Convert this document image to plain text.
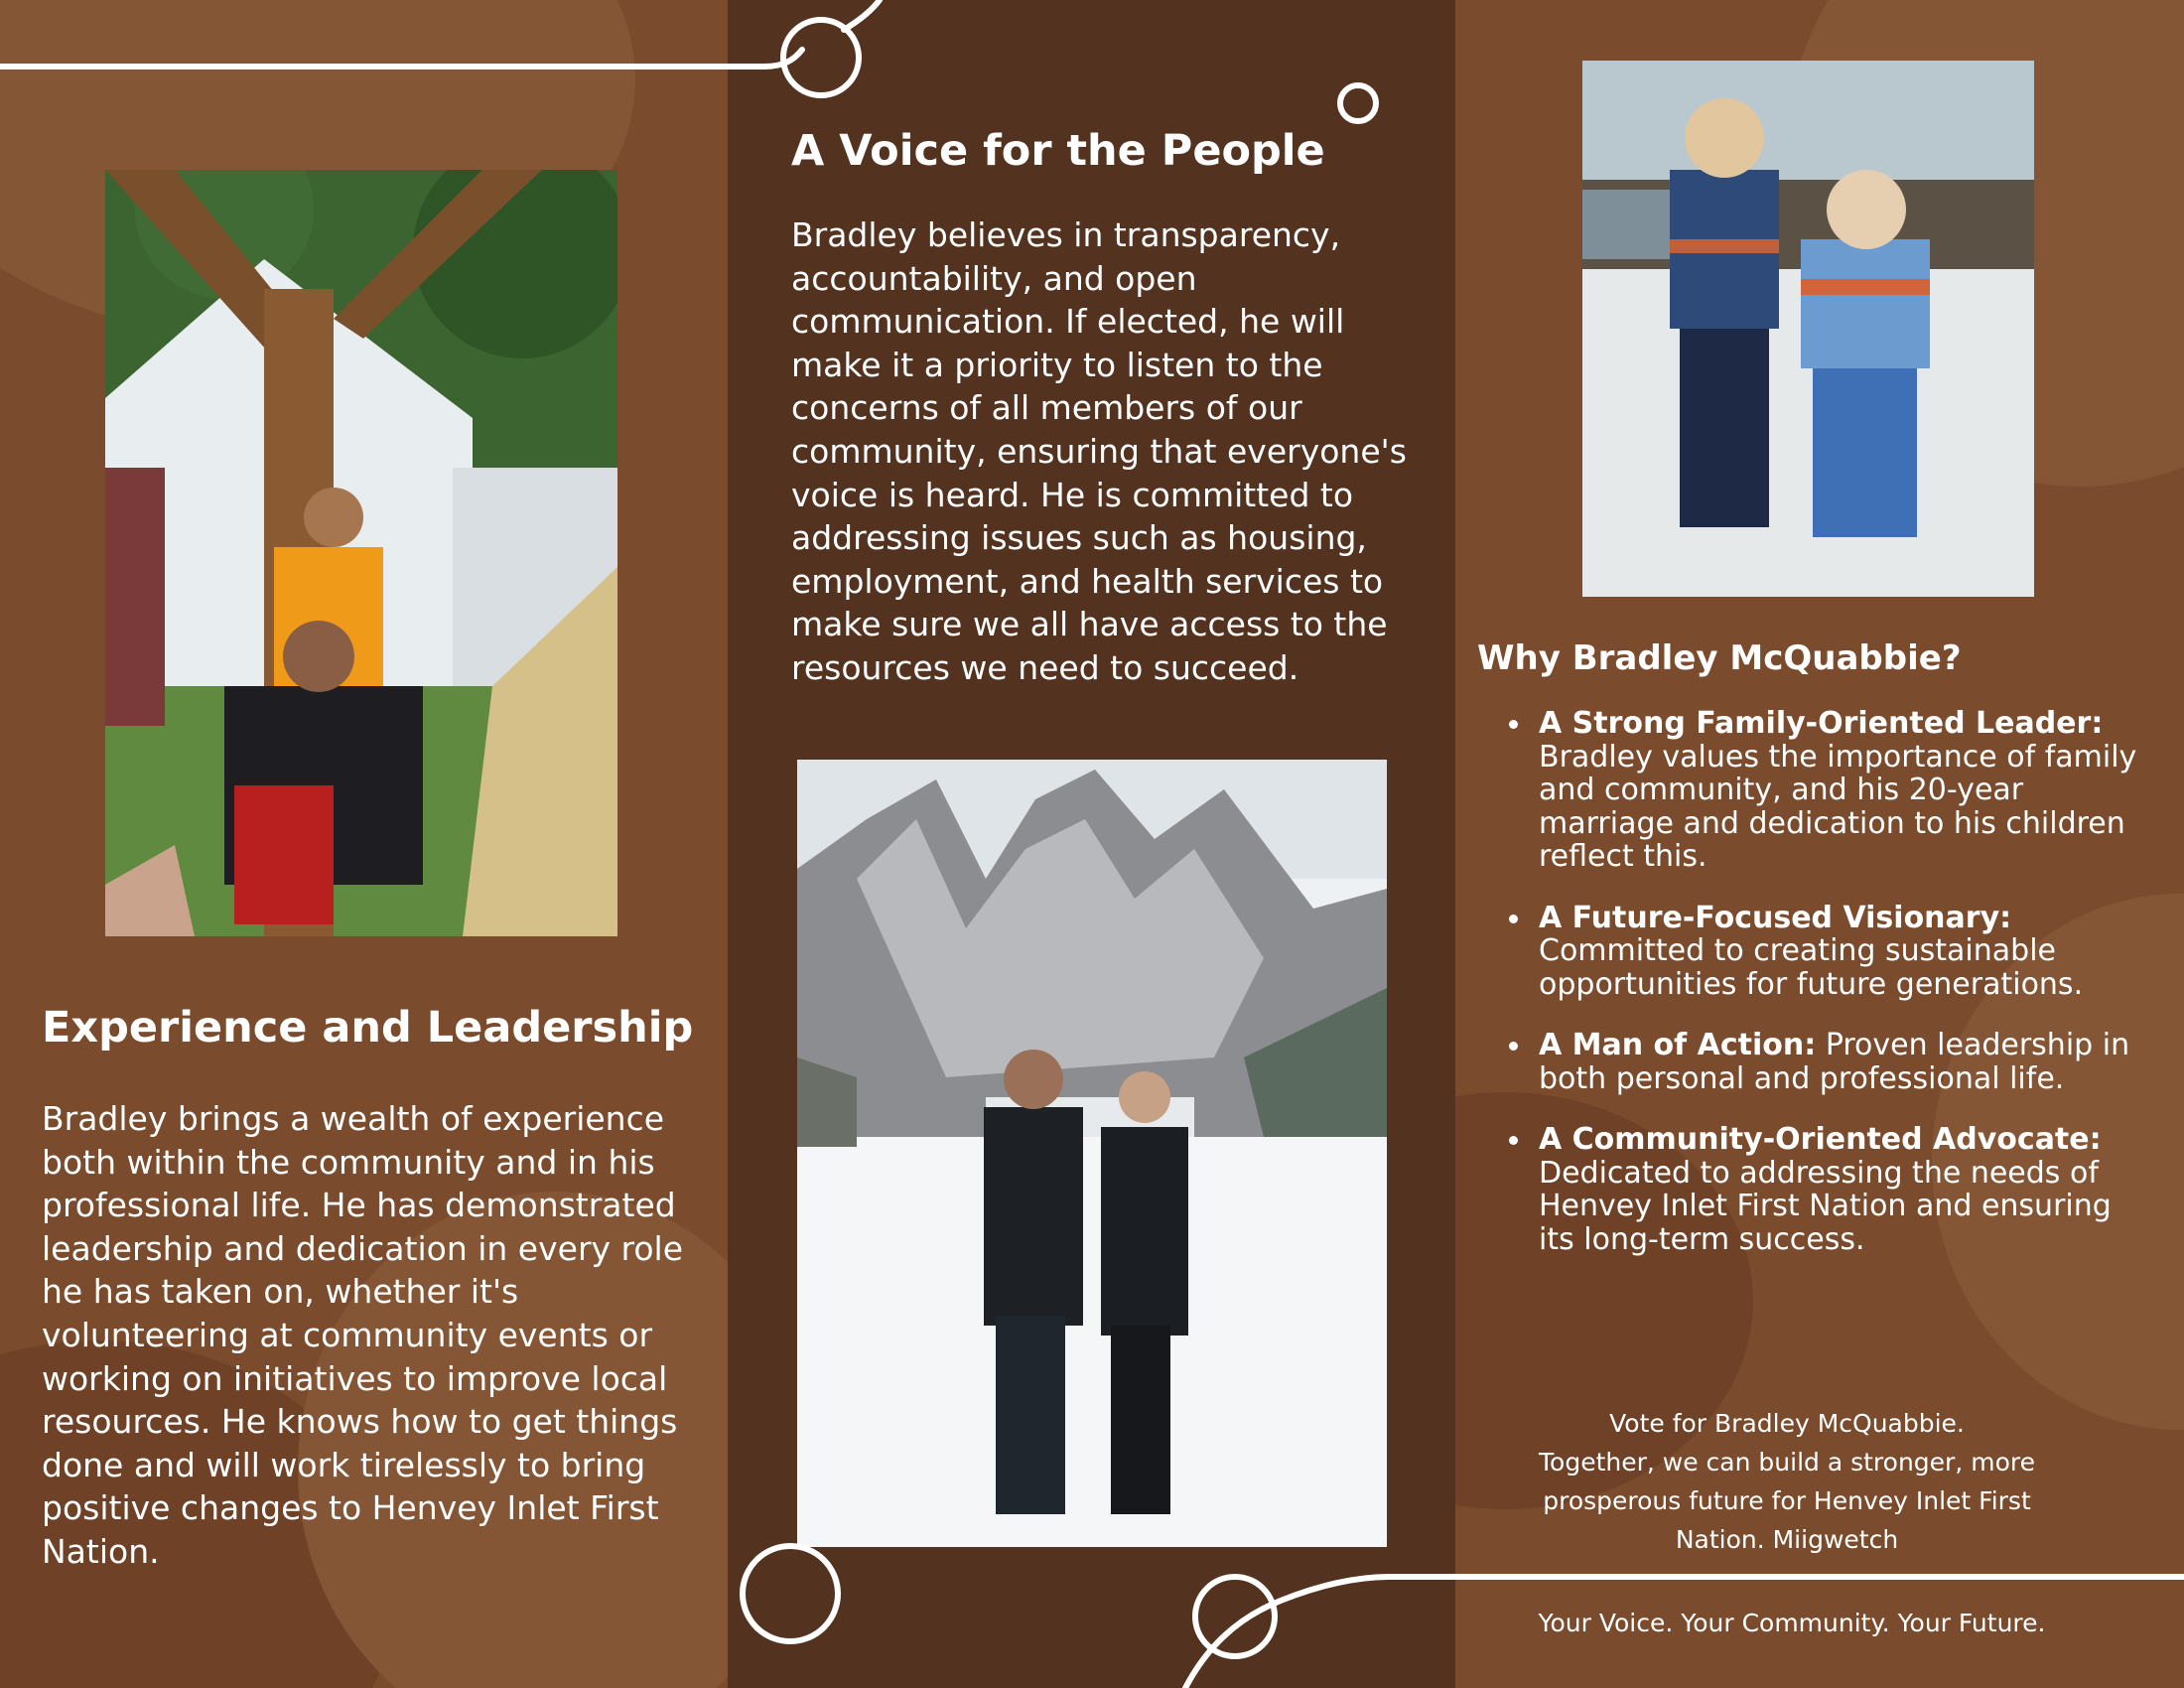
Experience and Leadership

Bradley brings a wealth of experience both within the community and in his professional life. He has demonstrated leadership and dedication in every role he has taken on, whether it's volunteering at community events or working on initiatives to improve local resources. He knows how to get things done and will work tirelessly to bring positive changes to Henvey Inlet First Nation.

A Voice for the People

Bradley believes in transparency, accountability, and open communication. If elected, he will make it a priority to listen to the concerns of all members of our community, ensuring that everyone's voice is heard. He is committed to addressing issues such as housing, employment, and health services to make sure we all have access to the resources we need to succeed.	Why Bradley McQuabbie?
A Strong Family-Oriented Leader: Bradley values the importance of family and community, and his 20-year marriage and dedication to his children reflect this.
A Future-Focused Visionary: Committed to creating sustainable opportunities for future generations.
A Man of Action: Proven leadership in both personal and professional life.
A Community-Oriented Advocate: Dedicated to addressing the needs of Henvey Inlet First Nation and ensuring its long-term success.
Vote for Bradley McQuabbie.
Together, we can build a stronger, more prosperous future for Henvey Inlet First Nation. Miigwetch
Your Voice. Your Community. Your Future.
